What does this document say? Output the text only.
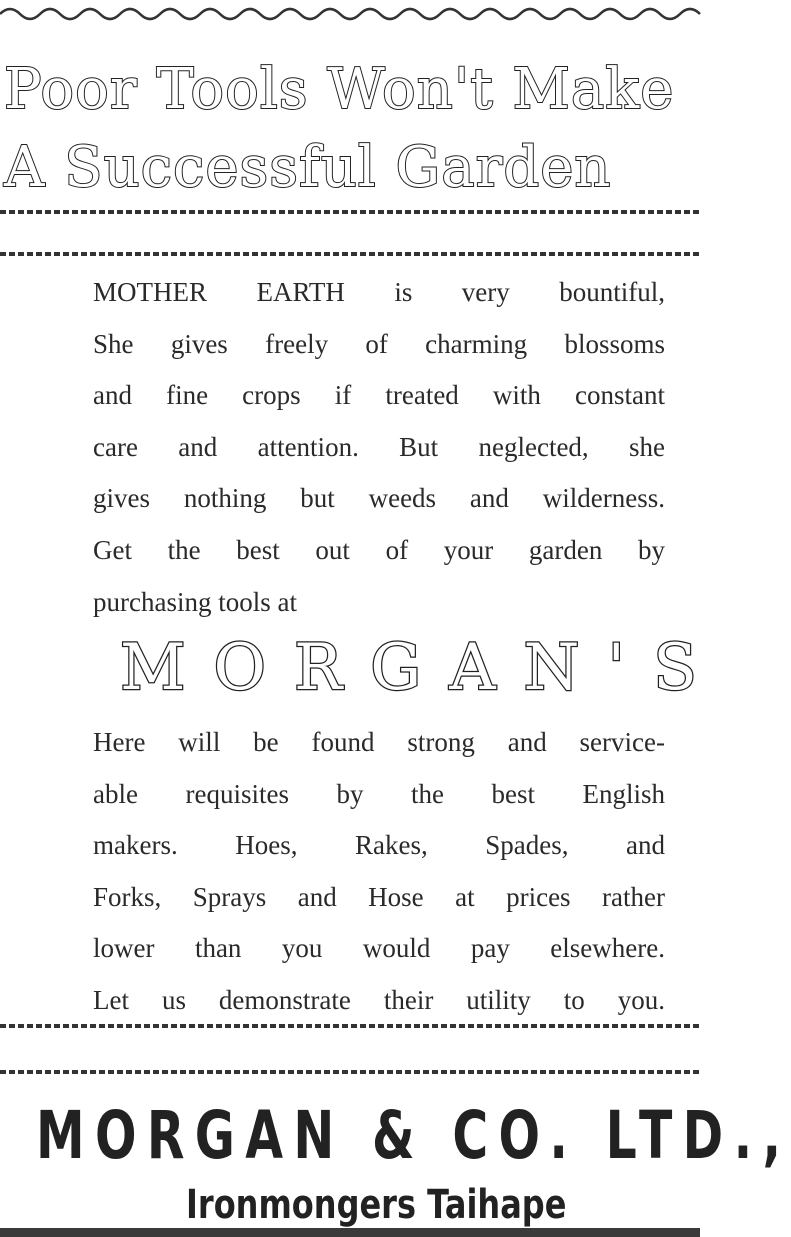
Poor Tools Won't Make
A Successful Garden

MOTHER EARTH is very bountiful,

She gives freely of charming blossoms

and fine crops if treated with constant

care and attention. But neglected, she

gives nothing but weeds and wilderness.

Get the best out of your garden by

purchasing tools at

MORGAN'S

Here will be found strong and service-

able requisites by the best English

makers. Hoes, Rakes, Spades, and

Forks, Sprays and Hose at prices rather

lower than you would pay elsewhere.

Let us demonstrate their utility to you.

MORGAN & CO. LTD.,
Ironmongers Taihape
